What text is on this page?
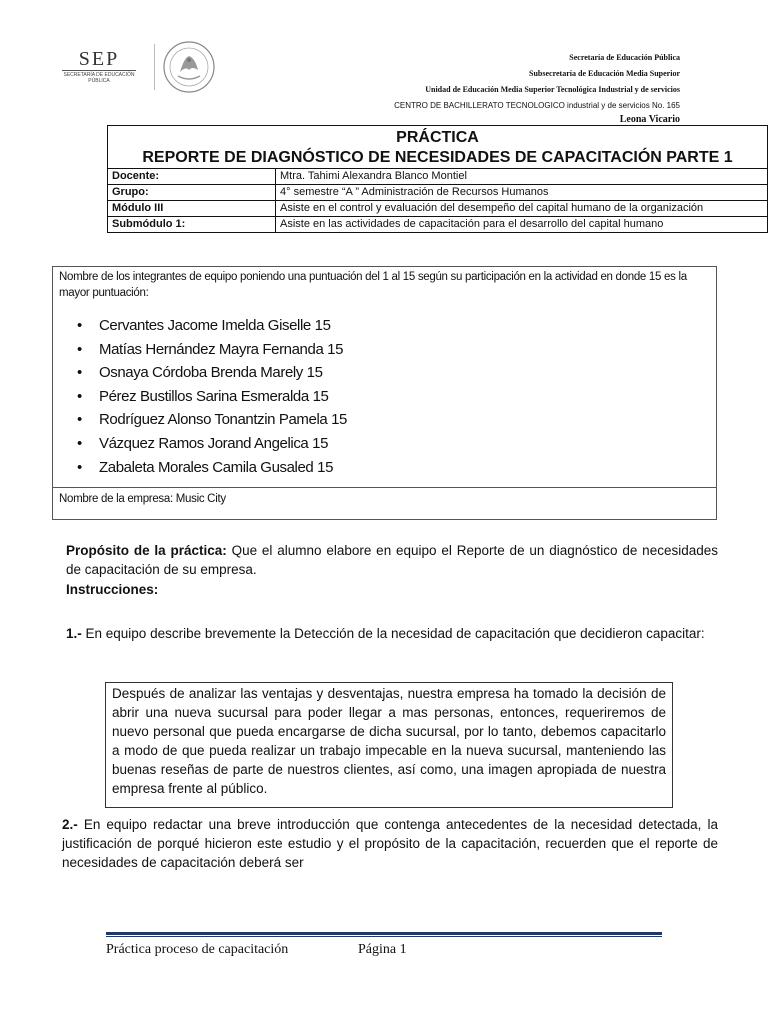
SEP
SECRETARÍA DE EDUCACIÓN PÚBLICA
Secretaría de Educación Pública
Subsecretaría de Educación Media Superior
Unidad de Educación Media Superior Tecnológica Industrial y de servicios
CENTRO DE BACHILLERATO TECNOLOGICO industrial y de servicios No. 165
Leona Vicario
PRÁCTICA
REPORTE DE DIAGNÓSTICO DE NECESIDADES DE CAPACITACIÓN PARTE 1	

Docente:	Mtra. Tahimi Alexandra Blanco Montiel
Grupo:	4° semestre “A ” Administración de Recursos Humanos
Módulo III	Asiste en el control y evaluación del desempeño del capital humano de la organización
Submódulo 1:	Asiste en las actividades de capacitación para el desarrollo del capital humano
Nombre de los integrantes de equipo poniendo una puntuación del 1 al 15 según su participación en la actividad en donde 15 es la mayor puntuación:
• Cervantes Jacome Imelda Giselle 15
• Matías Hernández Mayra Fernanda 15
• Osnaya Córdoba Brenda Marely 15
• Pérez Bustillos Sarina Esmeralda 15
• Rodríguez Alonso Tonantzin Pamela 15
• Vázquez Ramos Jorand Angelica 15
• Zabaleta Morales Camila Gusaled 15
Nombre de la empresa: Music City
Propósito de la práctica: Que el alumno elabore en equipo el Reporte de un diagnóstico de necesidades de capacitación de su empresa.
Instrucciones:
1.- En equipo describe brevemente la Detección de la necesidad de capacitación que decidieron capacitar:

Después de analizar las ventajas y desventajas, nuestra empresa ha tomado la decisión de abrir una nueva sucursal para poder llegar a mas personas, entonces, requeriremos de nuevo personal que pueda encargarse de dicha sucursal, por lo tanto, debemos capacitarlo a modo de que pueda realizar un trabajo impecable en la nueva sucursal, manteniendo las buenas reseñas de parte de nuestros clientes, así como, una imagen apropiada de nuestra empresa frente al público.

2.- En equipo redactar una breve introducción que contenga antecedentes de la necesidad detectada, la justificación de porqué hicieron este estudio y el propósito de la capacitación, recuerden que el reporte de necesidades de capacitación deberá ser
Práctica proceso de capacitación	Página 1
